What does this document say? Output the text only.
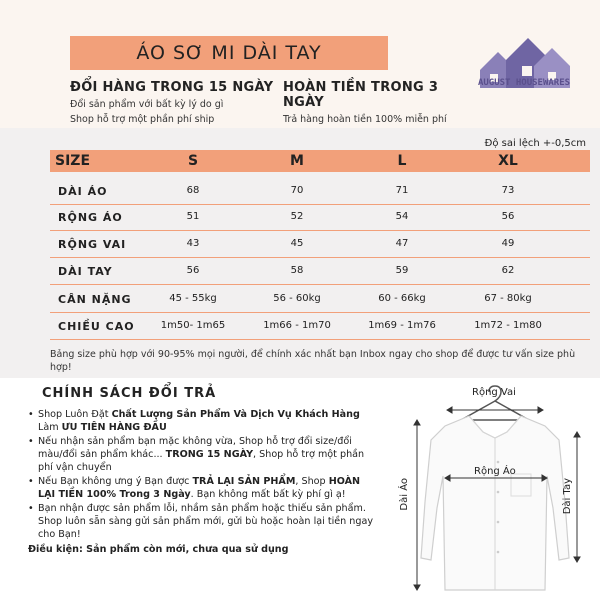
ÁO SƠ MI DÀI TAY
AUGUST HOUSEWARES
ĐỔI HÀNG TRONG 15 NGÀY
Đổi sản phẩm với bất kỳ lý do gì
Shop hỗ trợ một phần phí ship
HOÀN TIỀN TRONG 3 NGÀY
Trả hàng hoàn tiền 100% miễn phí
Độ sai lệch +-0,5cm
SIZE	S	M	L	XL
DÀI ÁO	68	70	71	73
RỘNG ÁO	51	52	54	56
RỘNG VAI	43	45	47	49
DÀI TAY	56	58	59	62
CÂN NẶNG	45 - 55kg	56 - 60kg	60 - 66kg	67 - 80kg
CHIỀU CAO	1m50- 1m65	1m66 - 1m70	1m69 - 1m76	1m72 - 1m80
Bảng size phù hợp với 90-95% mọi người, để chính xác nhất bạn Inbox ngay cho shop để được tư vấn size phù hợp!
CHÍNH SÁCH ĐỔI TRẢ
• Shop Luôn Đặt Chất Lượng Sản Phẩm Và Dịch Vụ Khách Hàng Làm ƯU TIÊN HÀNG ĐẦU
• Nếu nhận sản phẩm bạn mặc không vừa, Shop hỗ trợ đổi size/đổi màu/đổi sản phẩm khác... TRONG 15 NGÀY, Shop hỗ trợ một phần phí vận chuyển
• Nếu Bạn không ưng ý Bạn được TRẢ LẠI SẢN PHẨM, Shop HOÀN LẠI TIỀN 100% Trong 3 Ngày. Bạn không mất bất kỳ phí gì ạ!
• Bạn nhận được sản phẩm lỗi, nhầm sản phẩm hoặc thiếu sản phẩm. Shop luôn sẵn sàng gửi sản phẩm mới, gửi bù hoặc hoàn lại tiền ngay cho Bạn!
Điều kiện: Sản phẩm còn mới, chưa qua sử dụng
Rộng Vai
Rộng Áo
Dài Áo	Dài Tay
